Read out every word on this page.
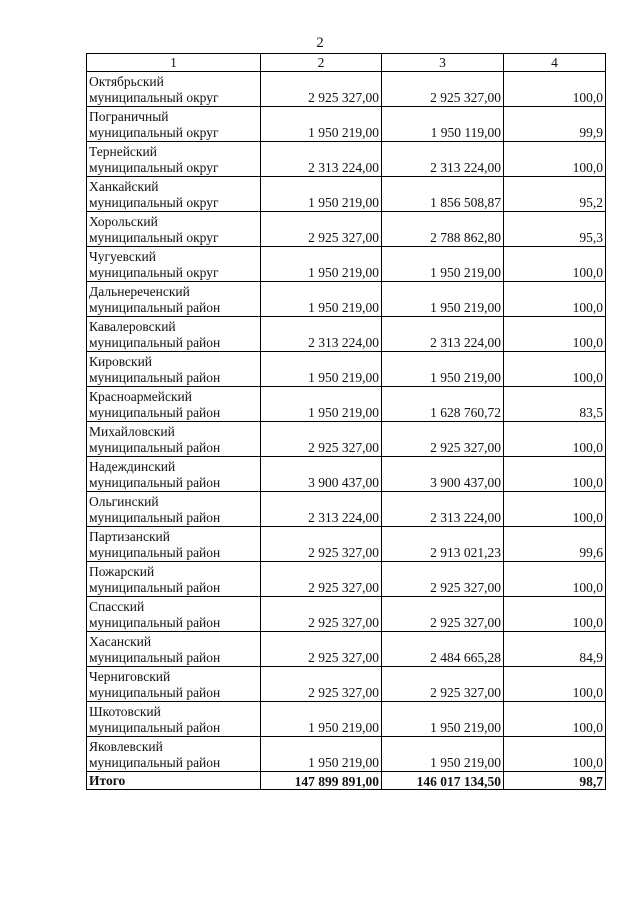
2
1	2	3	4

Октябрьский
муниципальный округ	2 925 327,00	2 925 327,00	100,0

Пограничный
муниципальный округ	1 950 219,00	1 950 119,00	99,9

Тернейский
муниципальный округ	2 313 224,00	2 313 224,00	100,0

Ханкайский
муниципальный округ	1 950 219,00	1 856 508,87	95,2

Хорольский
муниципальный округ	2 925 327,00	2 788 862,80	95,3

Чугуевский
муниципальный округ	1 950 219,00	1 950 219,00	100,0

Дальнереченский
муниципальный район	1 950 219,00	1 950 219,00	100,0

Кавалеровский
муниципальный район	2 313 224,00	2 313 224,00	100,0

Кировский
муниципальный район	1 950 219,00	1 950 219,00	100,0

Красноармейский
муниципальный район	1 950 219,00	1 628 760,72	83,5

Михайловский
муниципальный район	2 925 327,00	2 925 327,00	100,0

Надеждинский
муниципальный район	3 900 437,00	3 900 437,00	100,0

Ольгинский
муниципальный район	2 313 224,00	2 313 224,00	100,0

Партизанский
муниципальный район	2 925 327,00	2 913 021,23	99,6

Пожарский
муниципальный район	2 925 327,00	2 925 327,00	100,0

Спасский
муниципальный район	2 925 327,00	2 925 327,00	100,0

Хасанский
муниципальный район	2 925 327,00	2 484 665,28	84,9

Черниговский
муниципальный район	2 925 327,00	2 925 327,00	100,0

Шкотовский
муниципальный район	1 950 219,00	1 950 219,00	100,0

Яковлевский
муниципальный район	1 950 219,00	1 950 219,00	100,0
Итого	147 899 891,00	146 017 134,50	98,7
